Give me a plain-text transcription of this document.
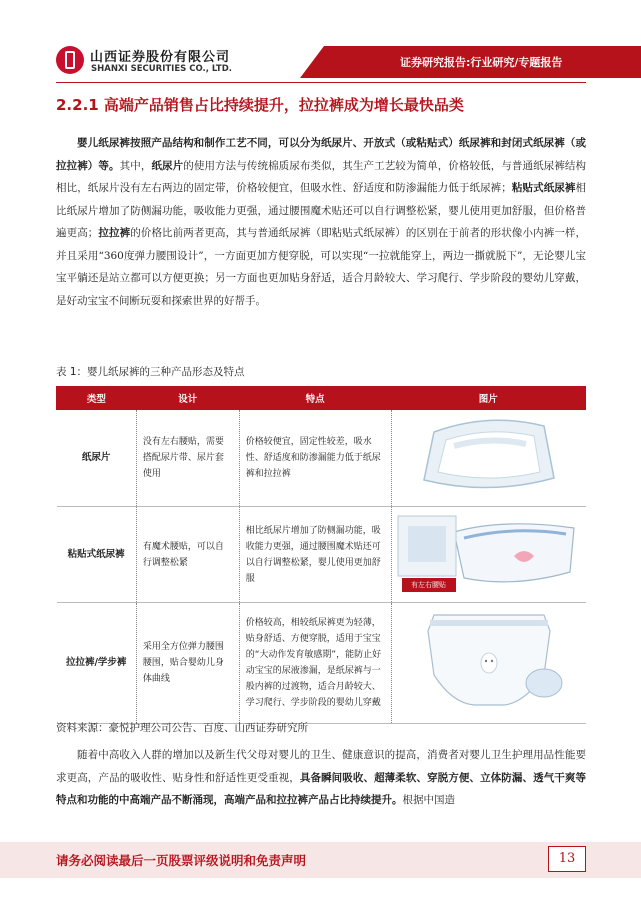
山西证券股份有限公司
SHANXI SECURITIES CO., LTD.	证券研究报告:行业研究/专题报告
2.2.1 高端产品销售占比持续提升，拉拉裤成为增长最快品类
婴儿纸尿裤按照产品结构和制作工艺不同，可以分为纸尿片、开放式（或粘贴式）纸尿裤和封闭式纸尿裤（或拉拉裤）等。其中，纸尿片的使用方法与传统棉质尿布类似，其生产工艺较为简单，价格较低，与普通纸尿裤结构相比，纸尿片没有左右两边的固定带，价格较便宜，但吸水性、舒适度和防渗漏能力低于纸尿裤；粘贴式纸尿裤相比纸尿片增加了防侧漏功能，吸收能力更强，通过腰围魔术贴还可以自行调整松紧，婴儿使用更加舒服，但价格普遍更高；拉拉裤的价格比前两者更高，其与普通纸尿裤（即粘贴式纸尿裤）的区别在于前者的形状像小内裤一样，并且采用“360度弹力腰围设计”，一方面更加方便穿脱，可以实现“一拉就能穿上，两边一撕就脱下”，无论婴儿宝宝平躺还是站立都可以方便更换；另一方面也更加贴身舒适，适合月龄较大、学习爬行、学步阶段的婴幼儿穿戴，是好动宝宝不间断玩耍和探索世界的好帮手。
表 1：婴儿纸尿裤的三种产品形态及特点
类型	设计	特点	图片
纸尿片	没有左右腰贴，需要搭配尿片带、尿片套使用	价格较便宜，固定性较差，吸水性、舒适度和防渗漏能力低于纸尿裤和拉拉裤	

粘贴式纸尿裤	有魔术腰贴，可以自行调整松紧	相比纸尿片增加了防侧漏功能，吸收能力更强，通过腰围魔术贴还可以自行调整松紧，婴儿使用更加舒服	有左右腰贴

拉拉裤/学步裤	采用全方位弹力腰围腰围，贴合婴幼儿身体曲线	价格较高，相较纸尿裤更为轻薄，贴身舒适、方便穿脱，适用于宝宝的“大动作发育敏感期”，能防止好动宝宝的尿液渗漏，是纸尿裤与一般内裤的过渡物，适合月龄较大、学习爬行、学步阶段的婴幼儿穿戴	
资料来源：豪悦护理公司公告、百度、山西证券研究所
随着中高收入人群的增加以及新生代父母对婴儿的卫生、健康意识的提高，消费者对婴儿卫生护理用品性能要求更高，产品的吸收性、贴身性和舒适性更受重视，具备瞬间吸收、超薄柔软、穿脱方便、立体防漏、透气干爽等特点和功能的中高端产品不断涌现，高端产品和拉拉裤产品占比持续提升。根据中国造
请务必阅读最后一页股票评级说明和免责声明	13
